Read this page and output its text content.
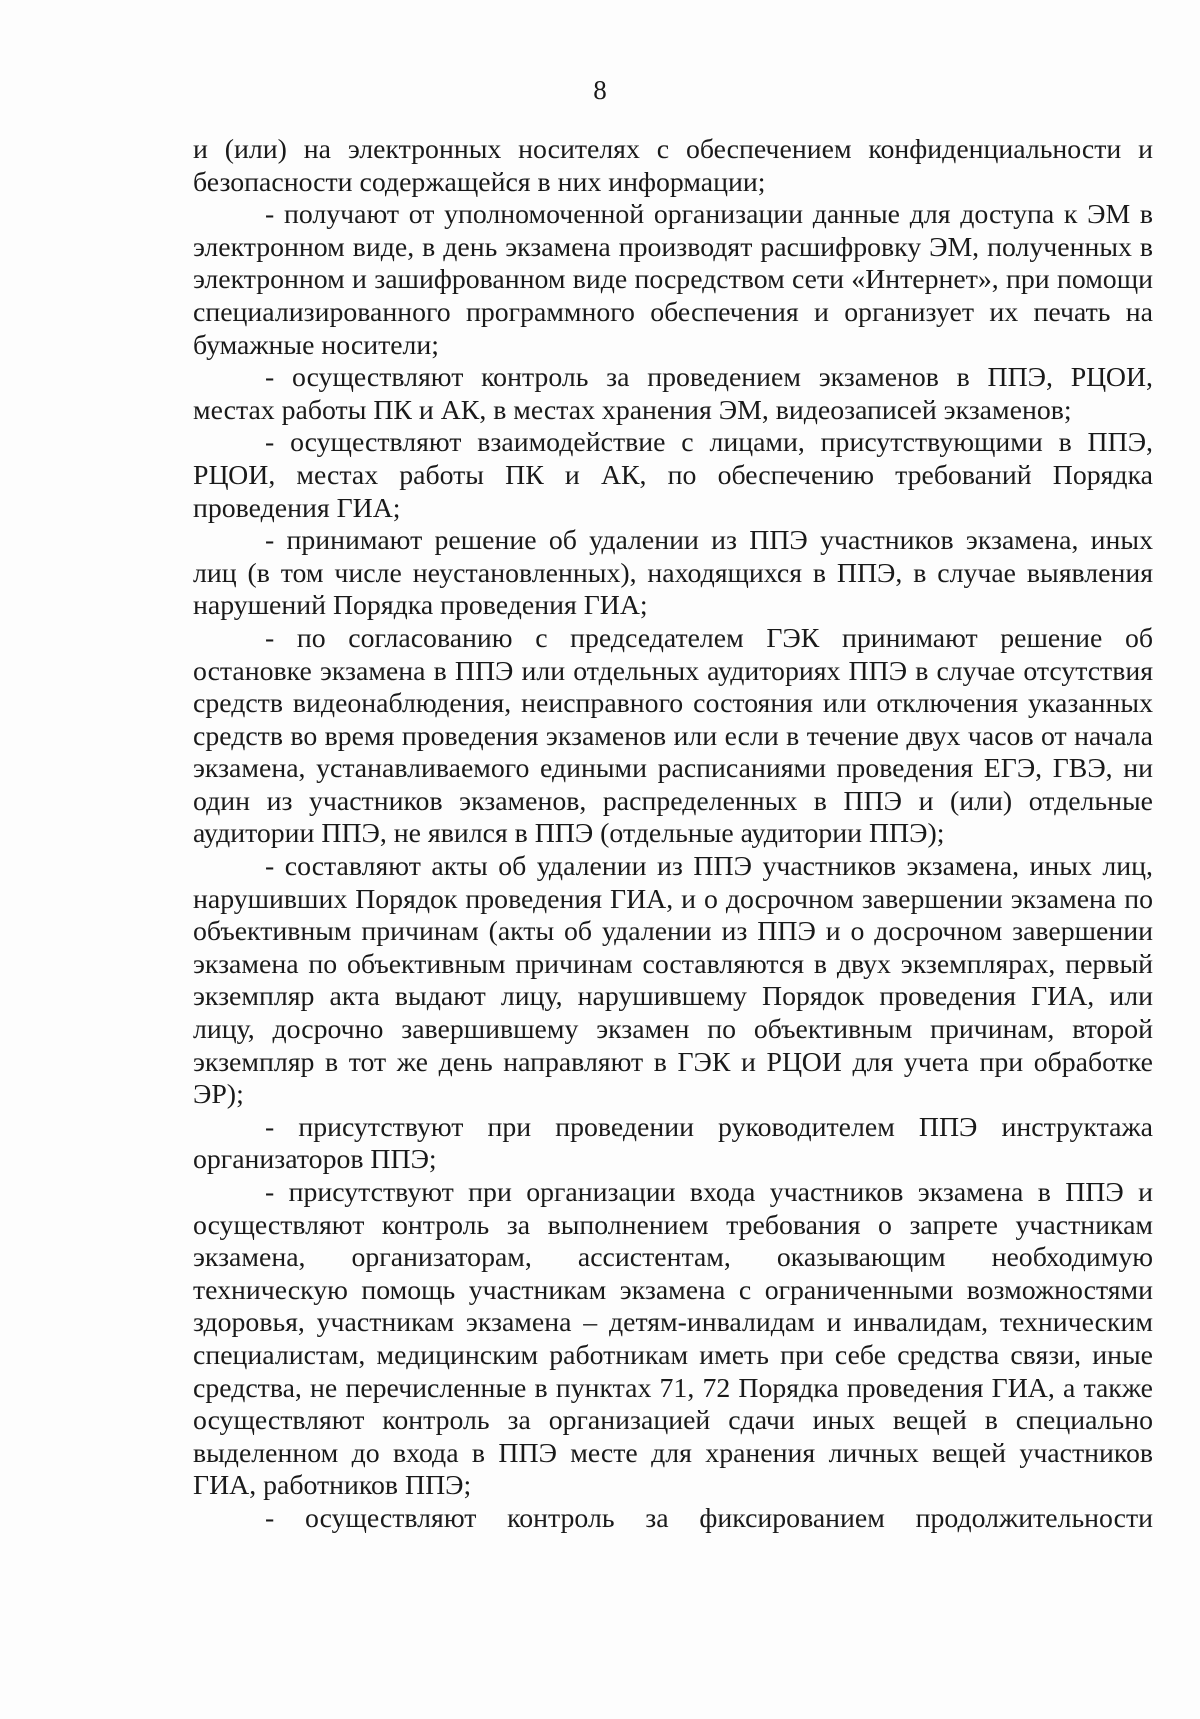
8

и (или) на электронных носителях с обеспечением конфиденциальности и безопасности содержащейся в них информации;

- получают от уполномоченной организации данные для доступа к ЭМ в электронном виде, в день экзамена производят расшифровку ЭМ, полученных в электронном и зашифрованном виде посредством сети «Интернет», при помощи специализированного программного обеспечения и организует их печать на бумажные носители;

- осуществляют контроль за проведением экзаменов в ППЭ, РЦОИ, местах работы ПК и АК, в местах хранения ЭМ, видеозаписей экзаменов;

- осуществляют взаимодействие с лицами, присутствующими в ППЭ, РЦОИ, местах работы ПК и АК, по обеспечению требований Порядка проведения ГИА;

- принимают решение об удалении из ППЭ участников экзамена, иных лиц (в том числе неустановленных), находящихся в ППЭ, в случае выявления нарушений Порядка проведения ГИА;

- по согласованию с председателем ГЭК принимают решение об остановке экзамена в ППЭ или отдельных аудиториях ППЭ в случае отсутствия средств видеонаблюдения, неисправного состояния или отключения указанных средств во время проведения экзаменов или если в течение двух часов от начала экзамена, устанавливаемого едиными расписаниями проведения ЕГЭ, ГВЭ, ни один из участников экзаменов, распределенных в ППЭ и (или) отдельные аудитории ППЭ, не явился в ППЭ (отдельные аудитории ППЭ);

- составляют акты об удалении из ППЭ участников экзамена, иных лиц, нарушивших Порядок проведения ГИА, и о досрочном завершении экзамена по объективным причинам (акты об удалении из ППЭ и о досрочном завершении экзамена по объективным причинам составляются в двух экземплярах, первый экземпляр акта выдают лицу, нарушившему Порядок проведения ГИА, или лицу, досрочно завершившему экзамен по объективным причинам, второй экземпляр в тот же день направляют в ГЭК и РЦОИ для учета при обработке ЭР);

- присутствуют при проведении руководителем ППЭ инструктажа организаторов ППЭ;

- присутствуют при организации входа участников экзамена в ППЭ и осуществляют контроль за выполнением требования о запрете участникам экзамена, организаторам, ассистентам, оказывающим необходимую техническую помощь участникам экзамена с ограниченными возможностями здоровья, участникам экзамена – детям-инвалидам и инвалидам, техническим специалистам, медицинским работникам иметь при себе средства связи, иные средства, не перечисленные в пунктах 71, 72 Порядка проведения ГИА, а также осуществляют контроль за организацией сдачи иных вещей в специально выделенном до входа в ППЭ месте для хранения личных вещей участников ГИА, работников ППЭ;

- осуществляют контроль за фиксированием продолжительности
